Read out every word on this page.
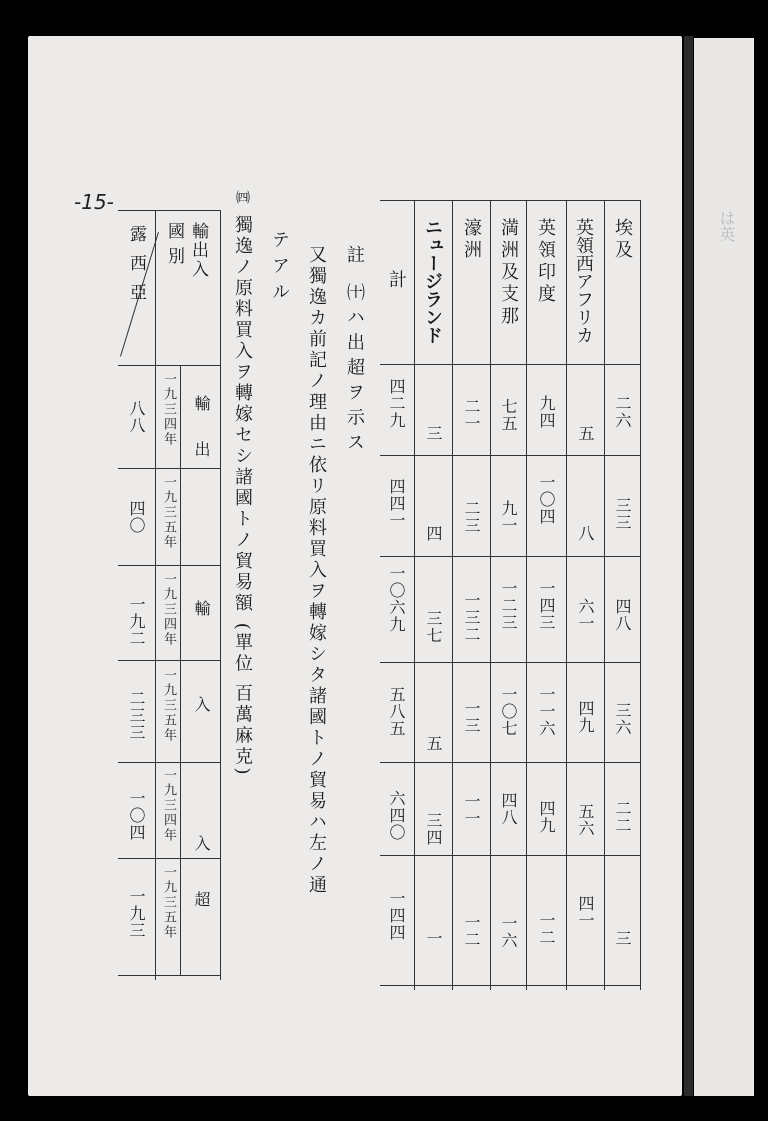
は英
埃及
英領西アフリカ
英領印度
満洲及支那
濠洲
ニュージランド
計
二六
三三
四八
三六
二二
三
五
八
六一
四九
五六
四一
九四
一〇四
一四三
一一六
四九
一二
七五
九一
一二三
一〇七
四八
一六
二一
二三
一三二
一三
一一
一二
三
四
三七
五
三四
一
四二九
四四一
一〇六九
五八五
六四〇
一四四
註 ㈩ハ出超ヲ示ス
又獨逸カ前記ノ理由ニ依リ原料買入ヲ轉嫁シタ諸國トノ貿易ハ左ノ通
テアル
㈣
獨逸ノ原料買入ヲ轉嫁セシ諸國トノ貿易額 (單位 百萬麻克)
-15-
輸出入
國別
露西亞
輸出
輸入
入超
一九三四年
一九三五年
一九三四年
一九三五年
一九三四年
一九三五年
八八
四〇
一九二
二三三
一〇四
一九三
